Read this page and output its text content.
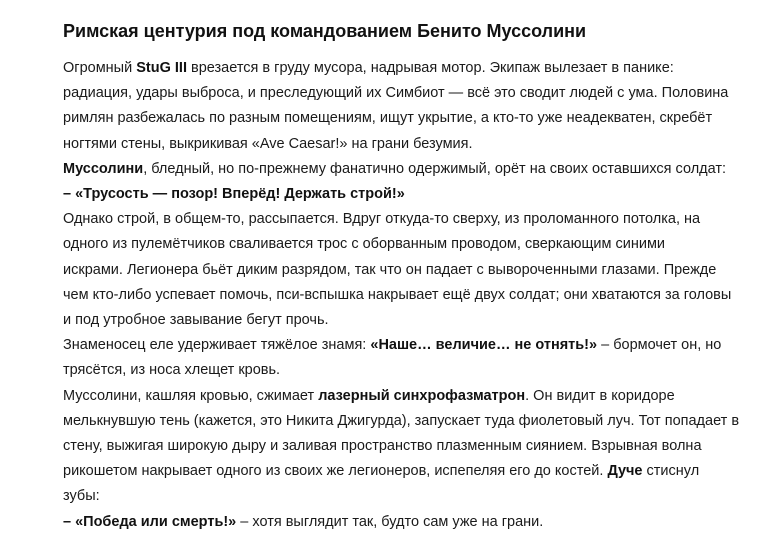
Римская центурия под командованием Бенито Муссолини
Огромный StuG III врезается в груду мусора, надрывая мотор. Экипаж вылезает в панике:
радиация, удары выброса, и преследующий их Симбиот — всё это сводит людей с ума. Половина
римлян разбежалась по разным помещениям, ищут укрытие, а кто-то уже неадекватен, скребёт
ногтями стены, выкрикивая «Ave Caesar!» на грани безумия.
Муссолини, бледный, но по-прежнему фанатично одержимый, орёт на своих оставшихся солдат:
– «Трусость — позор! Вперёд! Держать строй!»
Однако строй, в общем-то, рассыпается. Вдруг откуда-то сверху, из проломанного потолка, на
одного из пулемётчиков сваливается трос с оборванным проводом, сверкающим синими
искрами. Легионера бьёт диким разрядом, так что он падает с вывороченными глазами. Прежде
чем кто-либо успевает помочь, пси-вспышка накрывает ещё двух солдат; они хватаются за головы
и под утробное завывание бегут прочь.
Знаменосец еле удерживает тяжёлое знамя: «Наше… величие… не отнять!» – бормочет он, но
трясётся, из носа хлещет кровь.
Муссолини, кашляя кровью, сжимает лазерный синхрофазматрон. Он видит в коридоре
мелькнувшую тень (кажется, это Никита Джигурда), запускает туда фиолетовый луч. Тот попадает в
стену, выжигая широкую дыру и заливая пространство плазменным сиянием. Взрывная волна
рикошетом накрывает одного из своих же легионеров, испепеляя его до костей. Дуче стиснул
зубы:
– «Победа или смерть!» – хотя выглядит так, будто сам уже на грани.
